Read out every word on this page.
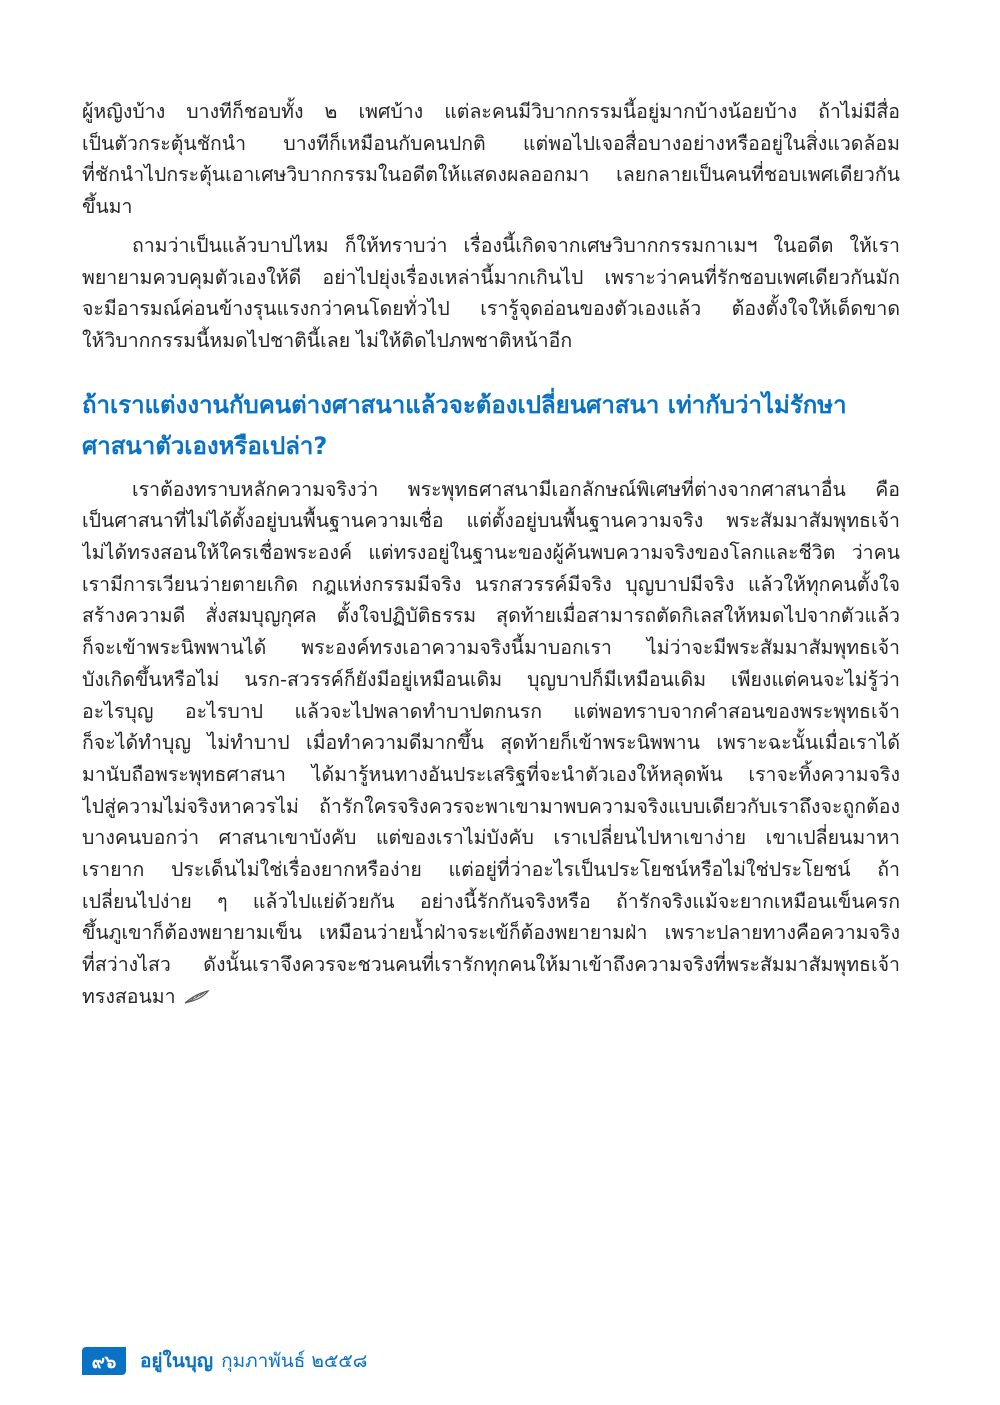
ผู้หญิงบ้าง บางทีก็ชอบทั้ง ๒ เพศบ้าง แต่ละคนมีวิบากกรรมนี้อยู่มากบ้างน้อยบ้าง ถ้าไม่มีสื่อ
เป็นตัวกระตุ้นชักนำ บางทีก็เหมือนกับคนปกติ แต่พอไปเจอสื่อบางอย่างหรืออยู่ในสิ่งแวดล้อม
ที่ชักนำไปกระตุ้นเอาเศษวิบากกรรมในอดีตให้แสดงผลออกมา เลยกลายเป็นคนที่ชอบเพศเดียวกัน
ขึ้นมา
ถามว่าเป็นแล้วบาปไหม ก็ให้ทราบว่า เรื่องนี้เกิดจากเศษวิบากกรรมกาเมฯ ในอดีต ให้เรา
พยายามควบคุมตัวเองให้ดี อย่าไปยุ่งเรื่องเหล่านี้มากเกินไป เพราะว่าคนที่รักชอบเพศเดียวกันมัก
จะมีอารมณ์ค่อนข้างรุนแรงกว่าคนโดยทั่วไป เรารู้จุดอ่อนของตัวเองแล้ว ต้องตั้งใจให้เด็ดขาด
ให้วิบากกรรมนี้หมดไปชาตินี้เลย ไม่ให้ติดไปภพชาติหน้าอีก
ถ้าเราแต่งงานกับคนต่างศาสนาแล้วจะต้องเปลี่ยนศาสนา เท่ากับว่าไม่รักษา
ศาสนาตัวเองหรือเปล่า?
เราต้องทราบหลักความจริงว่า พระพุทธศาสนามีเอกลักษณ์พิเศษที่ต่างจากศาสนาอื่น คือ
เป็นศาสนาที่ไม่ได้ตั้งอยู่บนพื้นฐานความเชื่อ แต่ตั้งอยู่บนพื้นฐานความจริง พระสัมมาสัมพุทธเจ้า
ไม่ได้ทรงสอนให้ใครเชื่อพระองค์ แต่ทรงอยู่ในฐานะของผู้ค้นพบความจริงของโลกและชีวิต ว่าคน
เรามีการเวียนว่ายตายเกิด กฎแห่งกรรมมีจริง นรกสวรรค์มีจริง บุญบาปมีจริง แล้วให้ทุกคนตั้งใจ
สร้างความดี สั่งสมบุญกุศล ตั้งใจปฏิบัติธรรม สุดท้ายเมื่อสามารถตัดกิเลสให้หมดไปจากตัวแล้ว
ก็จะเข้าพระนิพพานได้ พระองค์ทรงเอาความจริงนี้มาบอกเรา ไม่ว่าจะมีพระสัมมาสัมพุทธเจ้า
บังเกิดขึ้นหรือไม่ นรก-สวรรค์ก็ยังมีอยู่เหมือนเดิม บุญบาปก็มีเหมือนเดิม เพียงแต่คนจะไม่รู้ว่า
อะไรบุญ อะไรบาป แล้วจะไปพลาดทำบาปตกนรก แต่พอทราบจากคำสอนของพระพุทธเจ้า
ก็จะได้ทำบุญ ไม่ทำบาป เมื่อทำความดีมากขึ้น สุดท้ายก็เข้าพระนิพพาน เพราะฉะนั้นเมื่อเราได้
มานับถือพระพุทธศาสนา ได้มารู้หนทางอันประเสริฐที่จะนำตัวเองให้หลุดพ้น เราจะทิ้งความจริง
ไปสู่ความไม่จริงหาควรไม่ ถ้ารักใครจริงควรจะพาเขามาพบความจริงแบบเดียวกับเราถึงจะถูกต้อง
บางคนบอกว่า ศาสนาเขาบังคับ แต่ของเราไม่บังคับ เราเปลี่ยนไปหาเขาง่าย เขาเปลี่ยนมาหา
เรายาก ประเด็นไม่ใช่เรื่องยากหรือง่าย แต่อยู่ที่ว่าอะไรเป็นประโยชน์หรือไม่ใช่ประโยชน์ ถ้า
เปลี่ยนไปง่าย ๆ แล้วไปแย่ด้วยกัน อย่างนี้รักกันจริงหรือ ถ้ารักจริงแม้จะยากเหมือนเข็นครก
ขึ้นภูเขาก็ต้องพยายามเข็น เหมือนว่ายน้ำฝ่าจระเข้ก็ต้องพยายามฝ่า เพราะปลายทางคือความจริง
ที่สว่างไสว ดังนั้นเราจึงควรจะชวนคนที่เรารักทุกคนให้มาเข้าถึงความจริงที่พระสัมมาสัมพุทธเจ้า
ทรงสอนมา
๙๖	อยู่ในบุญ กุมภาพันธ์ ๒๕๕๘
